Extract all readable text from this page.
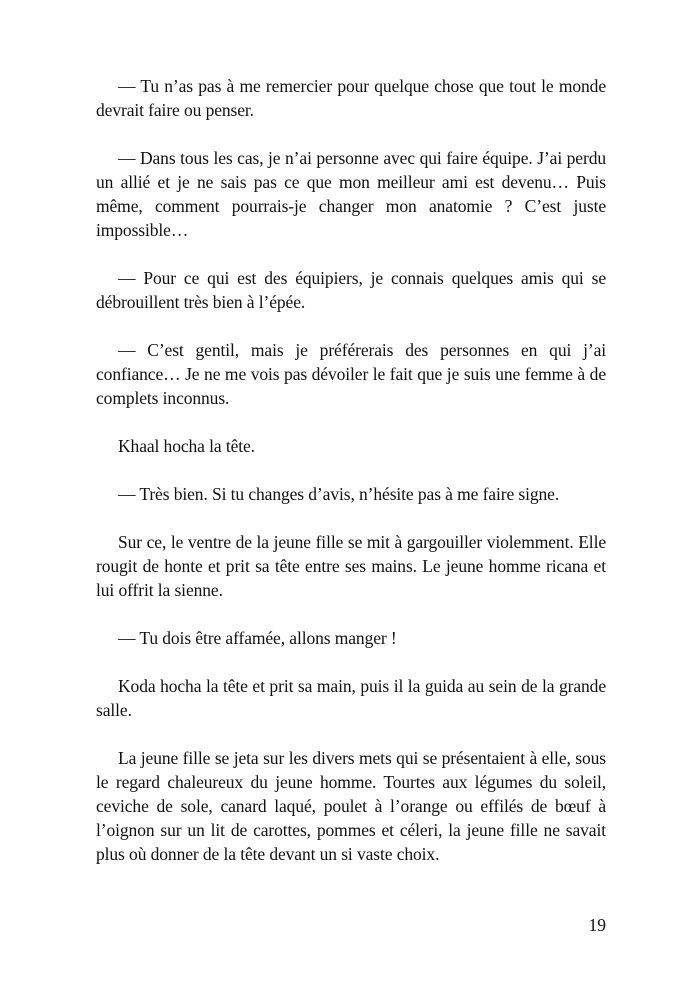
— Tu n’as pas à me remercier pour quelque chose que tout le monde devrait faire ou penser.

— Dans tous les cas, je n’ai personne avec qui faire équipe. J’ai perdu un allié et je ne sais pas ce que mon meilleur ami est devenu… Puis même, comment pourrais-je changer mon anatomie ? C’est juste impossible…

— Pour ce qui est des équipiers, je connais quelques amis qui se débrouillent très bien à l’épée.

— C’est gentil, mais je préférerais des personnes en qui j’ai confiance… Je ne me vois pas dévoiler le fait que je suis une femme à de complets inconnus.

Khaal hocha la tête.

— Très bien. Si tu changes d’avis, n’hésite pas à me faire signe.

Sur ce, le ventre de la jeune fille se mit à gargouiller violemment. Elle rougit de honte et prit sa tête entre ses mains. Le jeune homme ricana et lui offrit la sienne.

— Tu dois être affamée, allons manger !

Koda hocha la tête et prit sa main, puis il la guida au sein de la grande salle.

La jeune fille se jeta sur les divers mets qui se présentaient à elle, sous le regard chaleureux du jeune homme. Tourtes aux légumes du soleil, ceviche de sole, canard laqué, poulet à l’orange ou effilés de bœuf à l’oignon sur un lit de carottes, pommes et céleri, la jeune fille ne savait plus où donner de la tête devant un si vaste choix.

19
